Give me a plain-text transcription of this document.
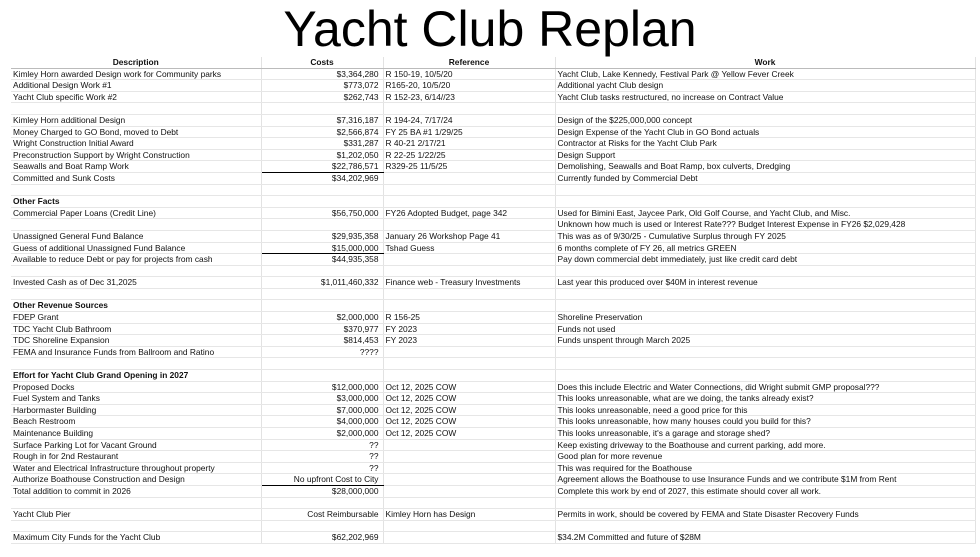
Yacht Club Replan
Description	Costs	Reference	Work
Kimley Horn awarded Design work for Community parks	$3,364,280	R 150-19, 10/5/20	Yacht Club, Lake Kennedy, Festival Park @ Yellow Fever Creek
Additional Design Work #1	$773,072	R165-20, 10/5/20	Additional yacht Club design
Yacht Club specific Work #2	$262,743	R 152-23, 6/14//23	Yacht Club tasks restructured, no increase on Contract Value

Kimley Horn additional Design	$7,316,187	R 194-24, 7/17/24	Design of the $225,000,000 concept
Money Charged to GO Bond, moved to Debt	$2,566,874	FY 25 BA #1 1/29/25	Design Expense of the Yacht Club in GO Bond actuals
Wright Construction Initial Award	$331,287	R 40-21 2/17/21	Contractor at Risks for the Yacht Club Park
Preconstruction Support by Wright Construction	$1,202,050	R 22-25 1/22/25	Design Support
Seawalls and Boat Ramp Work	$22,786,571	R329-25 11/5/25	Demolishing, Seawalls and Boat Ramp, box culverts, Dredging
Committed and Sunk Costs	$34,202,969		Currently funded by Commercial Debt

Other Facts			
Commercial Paper Loans (Credit Line)	$56,750,000	FY26 Adopted Budget, page 342	Used for Bimini East, Jaycee Park, Old Golf Course, and Yacht Club, and Misc.
			Unknown how much is used or Interest Rate??? Budget Interest Expense in FY26 $2,029,428
Unassigned General Fund Balance	$29,935,358	January 26 Workshop Page 41	This was as of 9/30/25 - Cumulative Surplus through FY 2025
Guess of additional Unassigned Fund Balance	$15,000,000	Tshad Guess	6 months complete of FY 26, all metrics GREEN
Available to reduce Debt or pay for projects from cash	$44,935,358		Pay down commercial debt immediately, just like credit card debt

Invested Cash as of Dec 31,2025	$1,011,460,332	Finance web - Treasury Investments	Last year this produced over $40M in interest revenue

Other Revenue Sources			
FDEP Grant	$2,000,000	R 156-25	Shoreline Preservation
TDC Yacht Club Bathroom	$370,977	FY 2023	Funds not used
TDC Shoreline Expansion	$814,453	FY 2023	Funds unspent through March 2025
FEMA and Insurance Funds from Ballroom and Ratino	????		

Effort for Yacht Club Grand Opening in 2027			
Proposed Docks	$12,000,000	Oct 12, 2025 COW	Does this include Electric and Water Connections, did Wright submit GMP proposal???
Fuel System and Tanks	$3,000,000	Oct 12, 2025 COW	This looks unreasonable, what are we doing, the tanks already exist?
Harbormaster Building	$7,000,000	Oct 12, 2025 COW	This looks unreasonable, need a good price for this
Beach Restroom	$4,000,000	Oct 12, 2025 COW	This looks unreasonable, how many houses could you build for this?
Maintenance Building	$2,000,000	Oct 12, 2025 COW	This looks unreasonable, it's a garage and storage shed?
Surface Parking Lot for Vacant Ground	??		Keep existing driveway to the Boathouse and current parking, add more.
Rough in for 2nd Restaurant	??		Good plan for more revenue
Water and Electrical Infrastructure throughout property	??		This was required for the Boathouse
Authorize Boathouse Construction and Design	No upfront Cost to City		Agreement allows the Boathouse to use Insurance Funds and we contribute $1M from Rent
Total addition to commit in 2026	$28,000,000		Complete this work by end of 2027, this estimate should cover all work.

Yacht Club Pier	Cost Reimbursable	Kimley Horn has Design	Permits in work, should be covered by FEMA and State Disaster Recovery Funds

Maximum City Funds for the Yacht Club	$62,202,969		$34.2M Committed and future of $28M
